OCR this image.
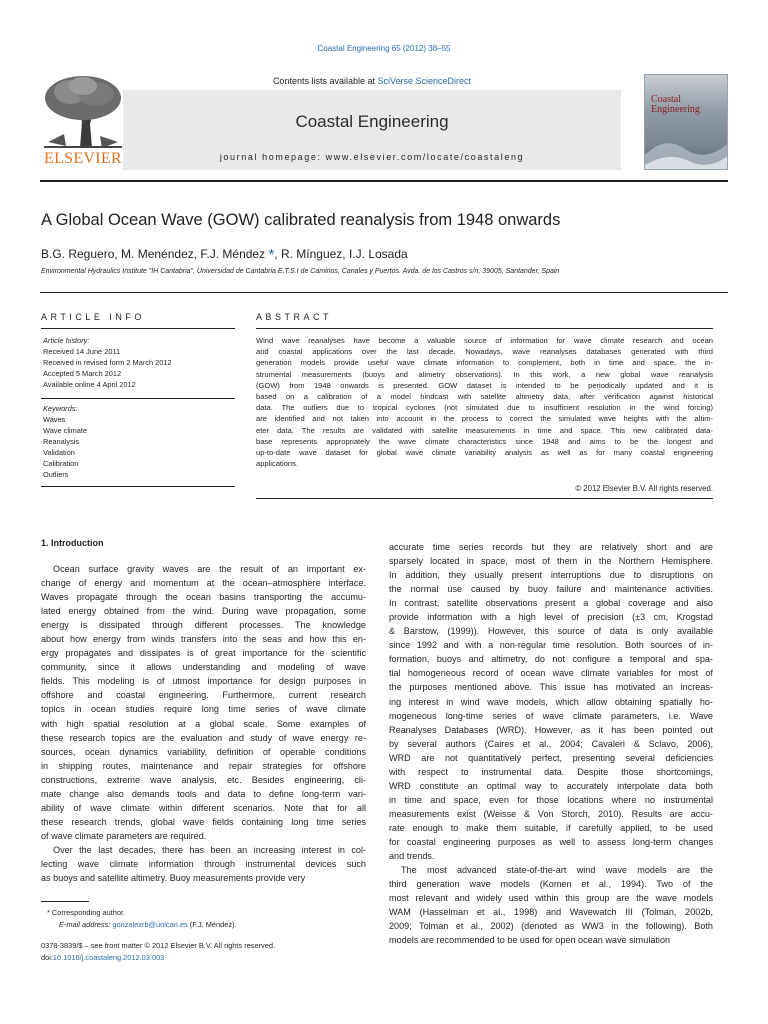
Coastal Engineering 65 (2012) 38–55
ELSEVIER
Contents lists available at SciVerse ScienceDirect
Coastal Engineering
journal homepage: www.elsevier.com/locate/coastaleng
Coastal
Engineering
A Global Ocean Wave (GOW) calibrated reanalysis from 1948 onwards
B.G. Reguero, M. Menéndez, F.J. Méndez *, R. Mínguez, I.J. Losada
Environmental Hydraulics Institute "IH Cantabria", Universidad de Cantabria E.T.S.I de Caminos, Canales y Puertos. Avda. de los Castros s/n, 39005, Santander, Spain
ARTICLE INFO
Article history:
Received 14 June 2011
Received in revised form 2 March 2012
Accepted 5 March 2012
Available online 4 April 2012
Keywords:
Waves
Wave climate
Reanalysis
Validation
Calibration
Outliers
ABSTRACT
Wind wave reanalyses have become a valuable source of information for wave climate research and ocean
and coastal applications over the last decade. Nowadays, wave reanalyses databases generated with third
generation models provide useful wave climate information to complement, both in time and space, the in-
strumental measurements (buoys and alimetry observations). In this work, a new global wave reanalysis
(GOW) from 1948 onwards is presented. GOW dataset is intended to be periodically updated and it is
based on a calibration of a model hindcast with satellite altimetry data, after verification against historical
data. The outliers due to tropical cyclones (not simulated due to insufficient resolution in the wind forcing)
are identified and not taken into account in the process to correct the simulated wave heights with the altim-
eter data. The results are validated with satellite measurements in time and space. This new calibrated data-
base represents appropriately the wave climate characteristics since 1948 and aims to be the longest and
up-to-date wave dataset for global wave climate variability analysis as well as for many coastal engineering
applications.
© 2012 Elsevier B.V. All rights reserved.
1. Introduction
Ocean surface gravity waves are the result of an important ex-
change of energy and momentum at the ocean–atmosphere interface.
Waves propagate through the ocean basins transporting the accumu-
lated energy obtained from the wind. During wave propagation, some
energy is dissipated through different processes. The knowledge
about how energy from winds transfers into the seas and how this en-
ergy propagates and dissipates is of great importance for the scientific
community, since it allows understanding and modeling of wave
fields. This modeling is of utmost importance for design purposes in
offshore and coastal engineering. Furthermore, current research
topics in ocean studies require long time series of wave climate
with high spatial resolution at a global scale. Some examples of
these research topics are the evaluation and study of wave energy re-
sources, ocean dynamics variability, definition of operable conditions
in shipping routes, maintenance and repair strategies for offshore
constructions, extreme wave analysis, etc. Besides engineering, cli-
mate change also demands tools and data to define long-term vari-
ability of wave climate within different scenarios. Note that for all
these research trends, global wave fields containing long time series
of wave climate parameters are required.
Over the last decades, there has been an increasing interest in col-
lecting wave climate information through instrumental devices such
as buoys and satellite altimetry. Buoy measurements provide very
accurate time series records but they are relatively short and are
sparsely located in space, most of them in the Northern Hemisphere.
In addition, they usually present interruptions due to disruptions on
the normal use caused by buoy failure and maintenance activities.
In contrast, satellite observations present a global coverage and also
provide information with a high level of precision (±3 cm, Krogstad
& Barstow, (1999)). However, this source of data is only available
since 1992 and with a non-regular time resolution. Both sources of in-
formation, buoys and altimetry, do not configure a temporal and spa-
tial homogeneous record of ocean wave climate variables for most of
the purposes mentioned above. This issue has motivated an increas-
ing interest in wind wave models, which allow obtaining spatially ho-
mogeneous long-time series of wave climate parameters, i.e. Wave
Reanalyses Databases (WRD). However, as it has been pointed out
by several authors (Caires et al., 2004; Cavaleri & Sclavo, 2006),
WRD are not quantitatively perfect, presenting several deficiencies
with respect to instrumental data. Despite those shortcomings,
WRD constitute an optimal way to accurately interpolate data both
in time and space, even for those locations where no instrumental
measurements exist (Weisse & Von Storch, 2010). Results are accu-
rate enough to make them suitable, if carefully applied, to be used
for coastal engineering purposes as well to assess long-term changes
and trends.
The most advanced state-of-the-art wind wave models are the
third generation wave models (Komen et al., 1994). Two of the
most relevant and widely used within this group are the wave models
WAM (Hasselman et al., 1998) and Wavewatch III (Tolman, 2002b,
2009; Tolman et al., 2002) (denoted as WW3 in the following). Both
models are recommended to be used for open ocean wave simulation
* Corresponding author.
E-mail address: gonzalezrb@unican.es (F.J. Méndez).
0378-3839/$ – see front matter © 2012 Elsevier B.V. All rights reserved.
doi:10.1016/j.coastaleng.2012.03.003
